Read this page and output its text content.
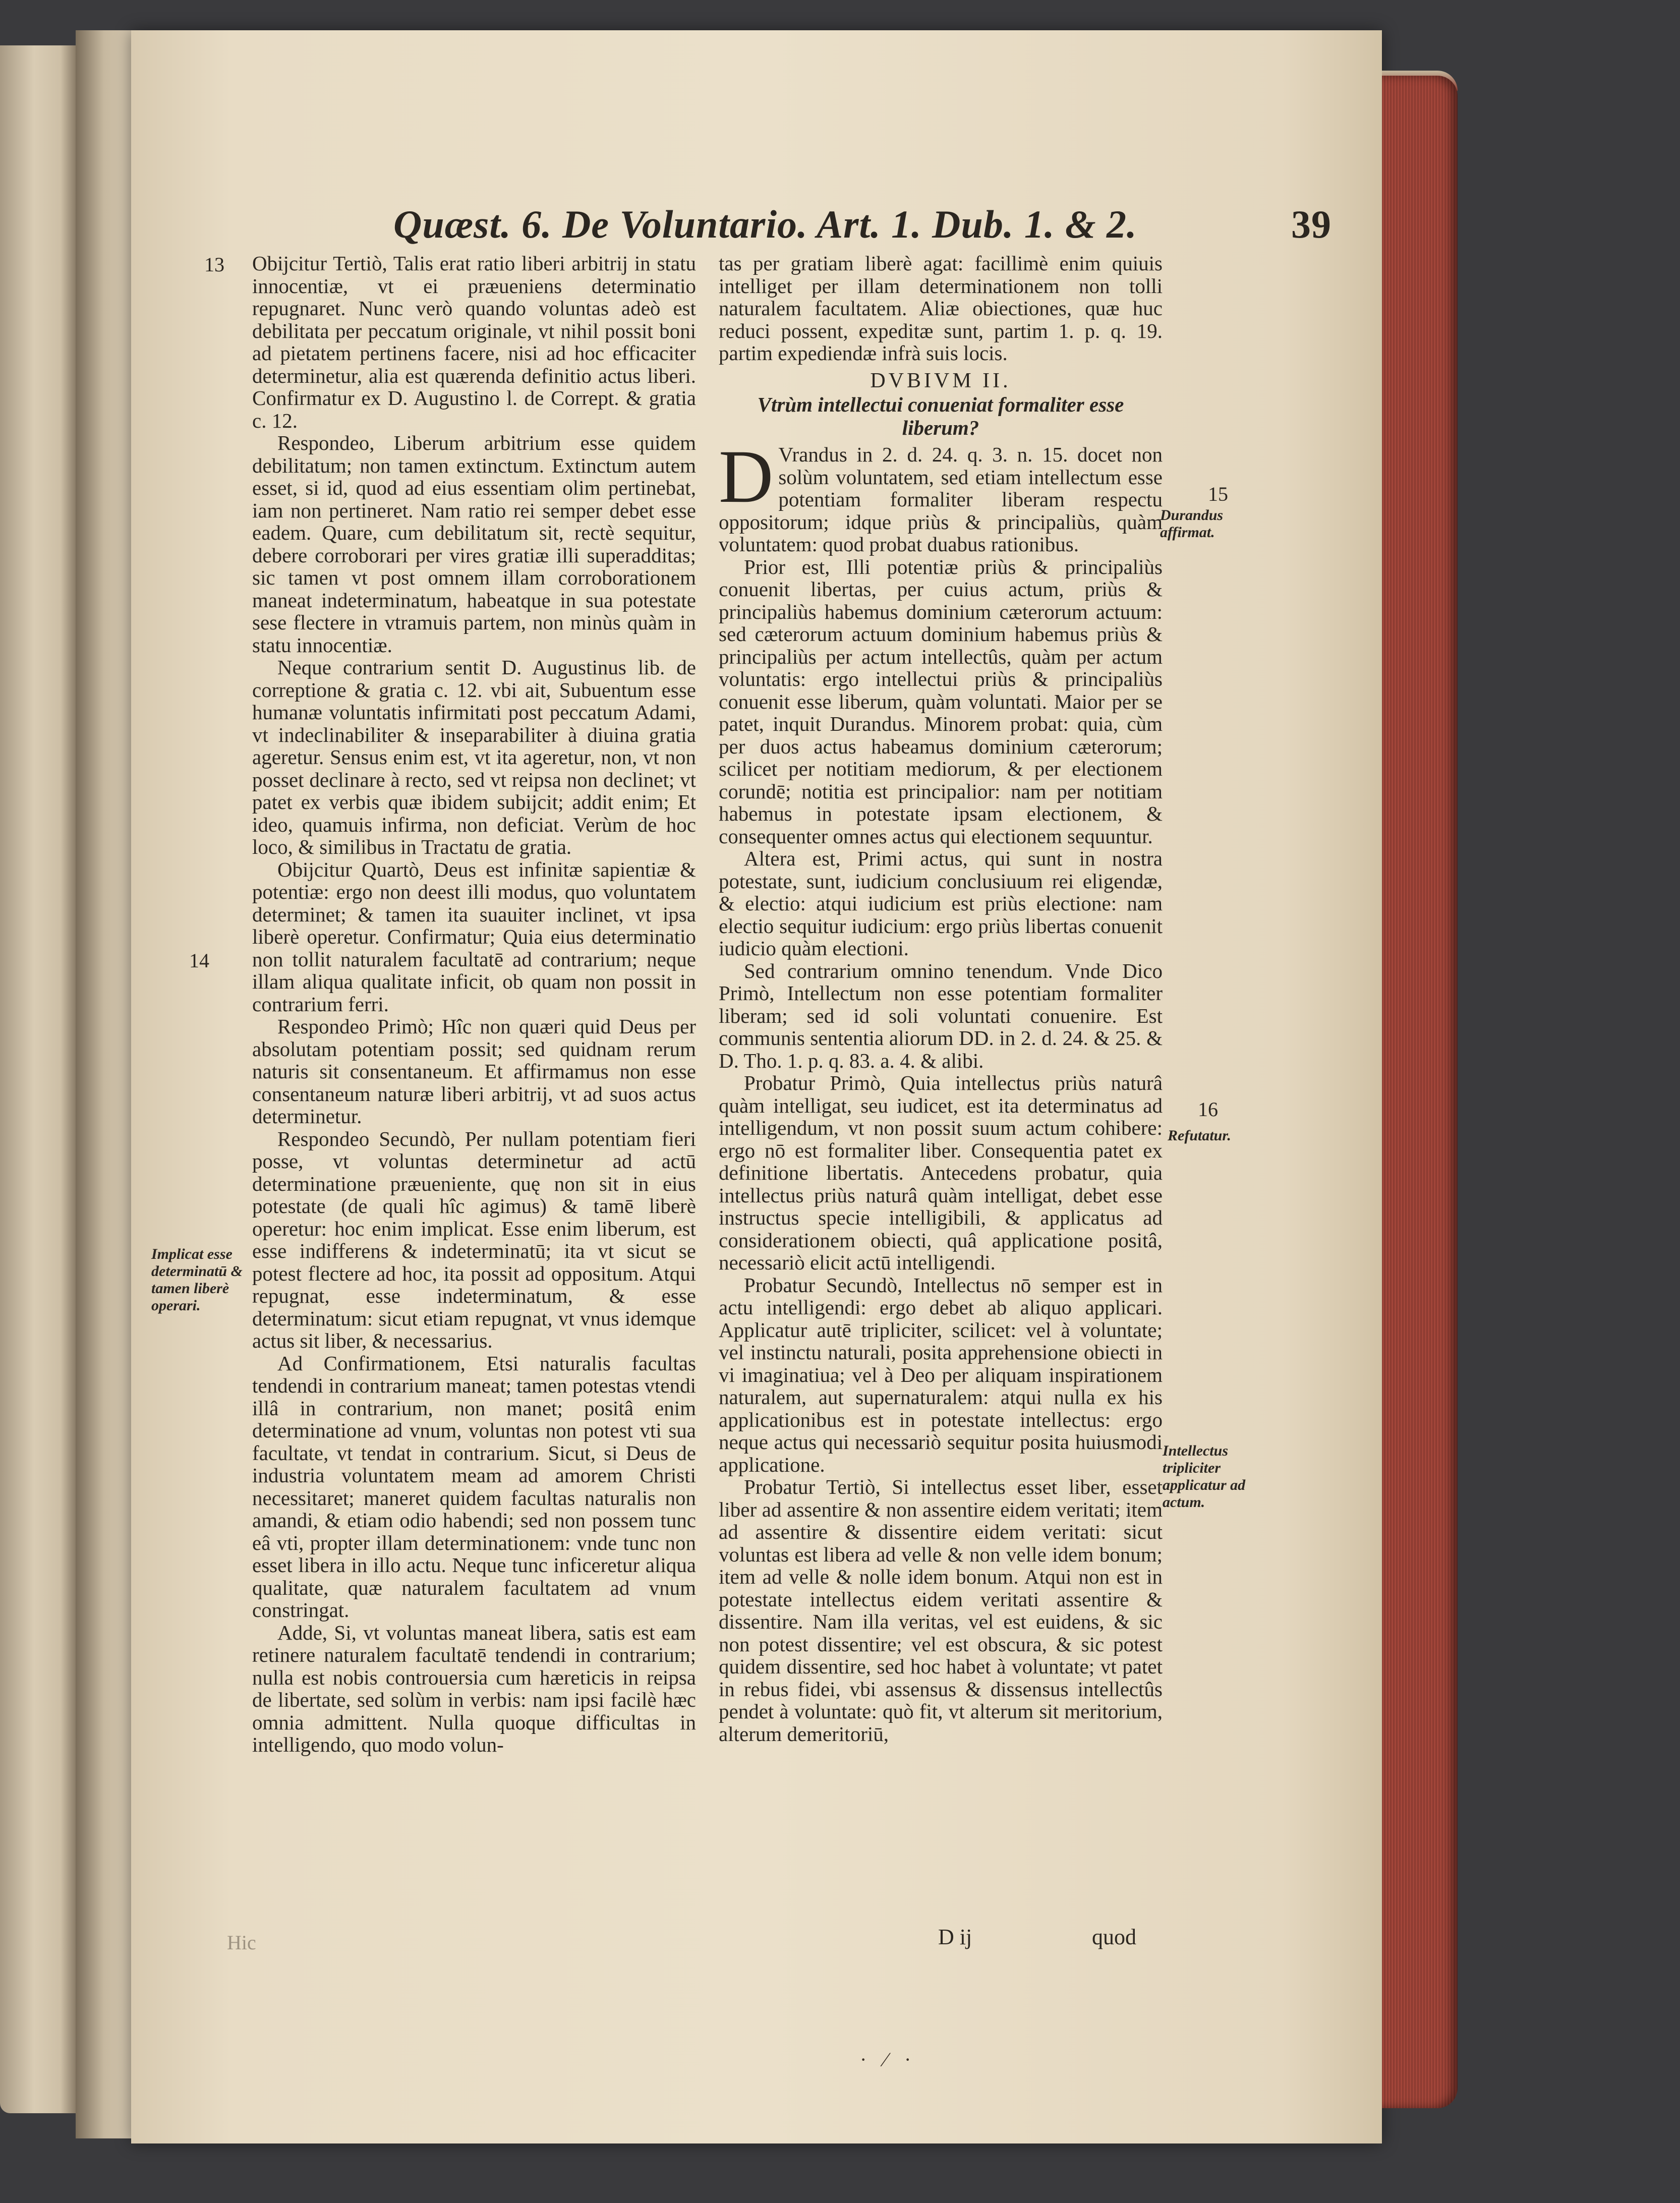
Quæst. 6. De Voluntario. Art. 1. Dub. 1. & 2.	39

Obijcitur Tertiò, Talis erat ratio liberi arbitrij in statu innocentiæ, vt ei præueniens determinatio repugnaret. Nunc verò quando voluntas adeò est debilitata per peccatum originale, vt nihil possit boni ad pietatem pertinens facere, nisi ad hoc efficaciter determinetur, alia est quærenda definitio actus liberi. Confirmatur ex D. Augustino l. de Corrept. & gratia c. 12.

Respondeo, Liberum arbitrium esse quidem debilitatum; non tamen extinctum. Extinctum autem esset, si id, quod ad eius essentiam olim pertinebat, iam non pertineret. Nam ratio rei semper debet esse eadem. Quare, cum debilitatum sit, rectè sequitur, debere corroborari per vires gratiæ illi superadditas; sic tamen vt post omnem illam corroborationem maneat indeterminatum, habeatque in sua potestate sese flectere in vtramuis partem, non minùs quàm in statu innocentiæ.

Neque contrarium sentit D. Augustinus lib. de correptione & gratia c. 12. vbi ait, Subuentum esse humanæ voluntatis infirmitati post peccatum Adami, vt indeclinabiliter & inseparabiliter à diuina gratia ageretur. Sensus enim est, vt ita ageretur, non, vt non posset declinare à recto, sed vt reipsa non declinet; vt patet ex verbis quæ ibidem subijcit; addit enim; Et ideo, quamuis infirma, non deficiat. Verùm de hoc loco, & similibus in Tractatu de gratia.

Obijcitur Quartò, Deus est infinitæ sapientiæ & potentiæ: ergo non deest illi modus, quo voluntatem determinet; & tamen ita suauiter inclinet, vt ipsa liberè operetur. Confirmatur; Quia eius determinatio non tollit naturalem facultatē ad contrarium; neque illam aliqua qualitate inficit, ob quam non possit in contrarium ferri.

Respondeo Primò; Hîc non quæri quid Deus per absolutam potentiam possit; sed quidnam rerum naturis sit consentaneum. Et affirmamus non esse consentaneum naturæ liberi arbitrij, vt ad suos actus determinetur.

Respondeo Secundò, Per nullam potentiam fieri posse, vt voluntas determinetur ad actū determinatione præueniente, quę non sit in eius potestate (de quali hîc agimus) & tamē liberè operetur: hoc enim implicat. Esse enim liberum, est esse indifferens & indeterminatū; ita vt sicut se potest flectere ad hoc, ita possit ad oppositum. Atqui repugnat, esse indeterminatum, & esse determinatum: sicut etiam repugnat, vt vnus idemque actus sit liber, & necessarius.

Ad Confirmationem, Etsi naturalis facultas tendendi in contrarium maneat; tamen potestas vtendi illâ in contrarium, non manet; positâ enim determinatione ad vnum, voluntas non potest vti sua facultate, vt tendat in contrarium. Sicut, si Deus de industria voluntatem meam ad amorem Christi necessitaret; maneret quidem facultas naturalis non amandi, & etiam odio habendi; sed non possem tunc eâ vti, propter illam determinationem: vnde tunc non esset libera in illo actu. Neque tunc inficeretur aliqua qualitate, quæ naturalem facultatem ad vnum constringat.

Adde, Si, vt voluntas maneat libera, satis est eam retinere naturalem facultatē tendendi in contrarium; nulla est nobis controuersia cum hæreticis in reipsa de libertate, sed solùm in verbis: nam ipsi facilè hæc omnia admittent. Nulla quoque difficultas in intelligendo, quo modo volun-

tas per gratiam liberè agat: facillimè enim quiuis intelliget per illam determinationem non tolli naturalem facultatem. Aliæ obiectiones, quæ huc reduci possent, expeditæ sunt, partim 1. p. q. 19. partim expediendæ infrà suis locis.

DVBIVM II.
Vtrùm intellectui conueniat formaliter esse liberum?

D Vrandus in 2. d. 24. q. 3. n. 15. docet non solùm voluntatem, sed etiam intellectum esse potentiam formaliter liberam respectu oppositorum; idque priùs & principaliùs, quàm voluntatem: quod probat duabus rationibus.

Prior est, Illi potentiæ priùs & principaliùs conuenit libertas, per cuius actum, priùs & principaliùs habemus dominium cæterorum actuum: sed cæterorum actuum dominium habemus priùs & principaliùs per actum intellectûs, quàm per actum voluntatis: ergo intellectui priùs & principaliùs conuenit esse liberum, quàm voluntati. Maior per se patet, inquit Durandus. Minorem probat: quia, cùm per duos actus habeamus dominium cæterorum; scilicet per notitiam mediorum, & per electionem corundē; notitia est principalior: nam per notitiam habemus in potestate ipsam electionem, & consequenter omnes actus qui electionem sequuntur.

Altera est, Primi actus, qui sunt in nostra potestate, sunt, iudicium conclusiuum rei eligendæ, & electio: atqui iudicium est priùs electione: nam electio sequitur iudicium: ergo priùs libertas conuenit iudicio quàm electioni.

Sed contrarium omnino tenendum. Vnde Dico Primò, Intellectum non esse potentiam formaliter liberam; sed id soli voluntati conuenire. Est communis sententia aliorum DD. in 2. d. 24. & 25. & D. Tho. 1. p. q. 83. a. 4. & alibi.

Probatur Primò, Quia intellectus priùs naturâ quàm intelligat, seu iudicet, est ita determinatus ad intelligendum, vt non possit suum actum cohibere: ergo nō est formaliter liber. Consequentia patet ex definitione libertatis. Antecedens probatur, quia intellectus priùs naturâ quàm intelligat, debet esse instructus specie intelligibili, & applicatus ad considerationem obiecti, quâ applicatione positâ, necessariò elicit actū intelligendi.

Probatur Secundò, Intellectus nō semper est in actu intelligendi: ergo debet ab aliquo applicari. Applicatur autē tripliciter, scilicet: vel à voluntate; vel instinctu naturali, posita apprehensione obiecti in vi imaginatiua; vel à Deo per aliquam inspirationem naturalem, aut supernaturalem: atqui nulla ex his applicationibus est in potestate intellectus: ergo neque actus qui necessariò sequitur posita huiusmodi applicatione.

Probatur Tertiò, Si intellectus esset liber, esset liber ad assentire & non assentire eidem veritati; item ad assentire & dissentire eidem veritati: sicut voluntas est libera ad velle & non velle idem bonum; item ad velle & nolle idem bonum. Atqui non est in potestate intellectus eidem veritati assentire & dissentire. Nam illa veritas, vel est euidens, & sic non potest dissentire; vel est obscura, & sic potest quidem dissentire, sed hoc habet à voluntate; vt patet in rebus fidei, vbi assensus & dissensus intellectûs pendet à voluntate: quò fit, vt alterum sit meritorium, alterum demeritoriū,

13
14
Implicat esse determinatū & tamen liberè operari.
15
Durandus affirmat.
16
Refutatur.
Intellectus tripliciter applicatur ad actum.
D ij	quod
Hic
· ⁄ ·
